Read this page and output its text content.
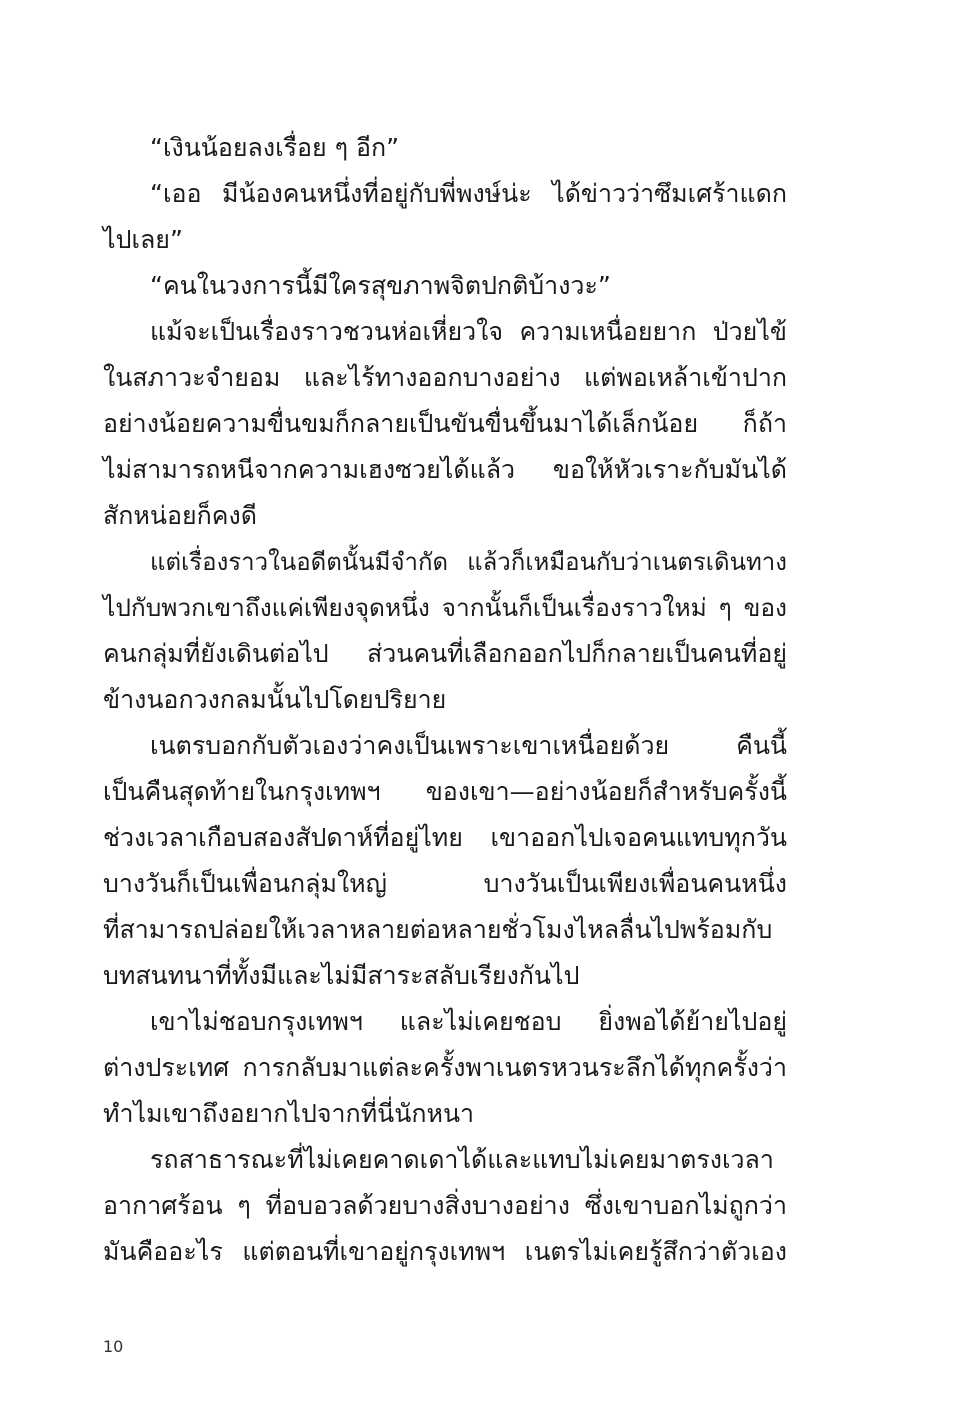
“เงินน้อยลงเรื่อย ๆ อีก”
“เออ มีน้องคนหนึ่งที่อยู่กับพี่พงษ์น่ะ ได้ข่าวว่าซึมเศร้าแดก
ไปเลย”
“คนในวงการนี้มีใครสุขภาพจิตปกติบ้างวะ”
แม้จะเป็นเรื่องราวชวนห่อเหี่ยวใจ ความเหนื่อยยาก ป่วยไข้
ในสภาวะจำยอม และไร้ทางออกบางอย่าง แต่พอเหล้าเข้าปาก
อย่างน้อยความขื่นขมก็กลายเป็นขันขื่นขึ้นมาได้เล็กน้อย ก็ถ้า
ไม่สามารถหนีจากความเฮงซวยได้แล้ว ขอให้หัวเราะกับมันได้
สักหน่อยก็คงดี
แต่เรื่องราวในอดีตนั้นมีจำกัด แล้วก็เหมือนกับว่าเนตรเดินทาง
ไปกับพวกเขาถึงแค่เพียงจุดหนึ่ง จากนั้นก็เป็นเรื่องราวใหม่ ๆ ของ
คนกลุ่มที่ยังเดินต่อไป ส่วนคนที่เลือกออกไปก็กลายเป็นคนที่อยู่
ข้างนอกวงกลมนั้นไปโดยปริยาย
เนตรบอกกับตัวเองว่าคงเป็นเพราะเขาเหนื่อยด้วย คืนนี้
เป็นคืนสุดท้ายในกรุงเทพฯ ของเขา—อย่างน้อยก็สำหรับครั้งนี้
ช่วงเวลาเกือบสองสัปดาห์ที่อยู่ไทย เขาออกไปเจอคนแทบทุกวัน
บางวันก็เป็นเพื่อนกลุ่มใหญ่ บางวันเป็นเพียงเพื่อนคนหนึ่ง
ที่สามารถปล่อยให้เวลาหลายต่อหลายชั่วโมงไหลลื่นไปพร้อมกับ
บทสนทนาที่ทั้งมีและไม่มีสาระสลับเรียงกันไป
เขาไม่ชอบกรุงเทพฯ และไม่เคยชอบ ยิ่งพอได้ย้ายไปอยู่
ต่างประเทศ การกลับมาแต่ละครั้งพาเนตรหวนระลึกได้ทุกครั้งว่า
ทำไมเขาถึงอยากไปจากที่นี่นักหนา
รถสาธารณะที่ไม่เคยคาดเดาได้และแทบไม่เคยมาตรงเวลา
อากาศร้อน ๆ ที่อบอวลด้วยบางสิ่งบางอย่าง ซึ่งเขาบอกไม่ถูกว่า
มันคืออะไร แต่ตอนที่เขาอยู่กรุงเทพฯ เนตรไม่เคยรู้สึกว่าตัวเอง
10
